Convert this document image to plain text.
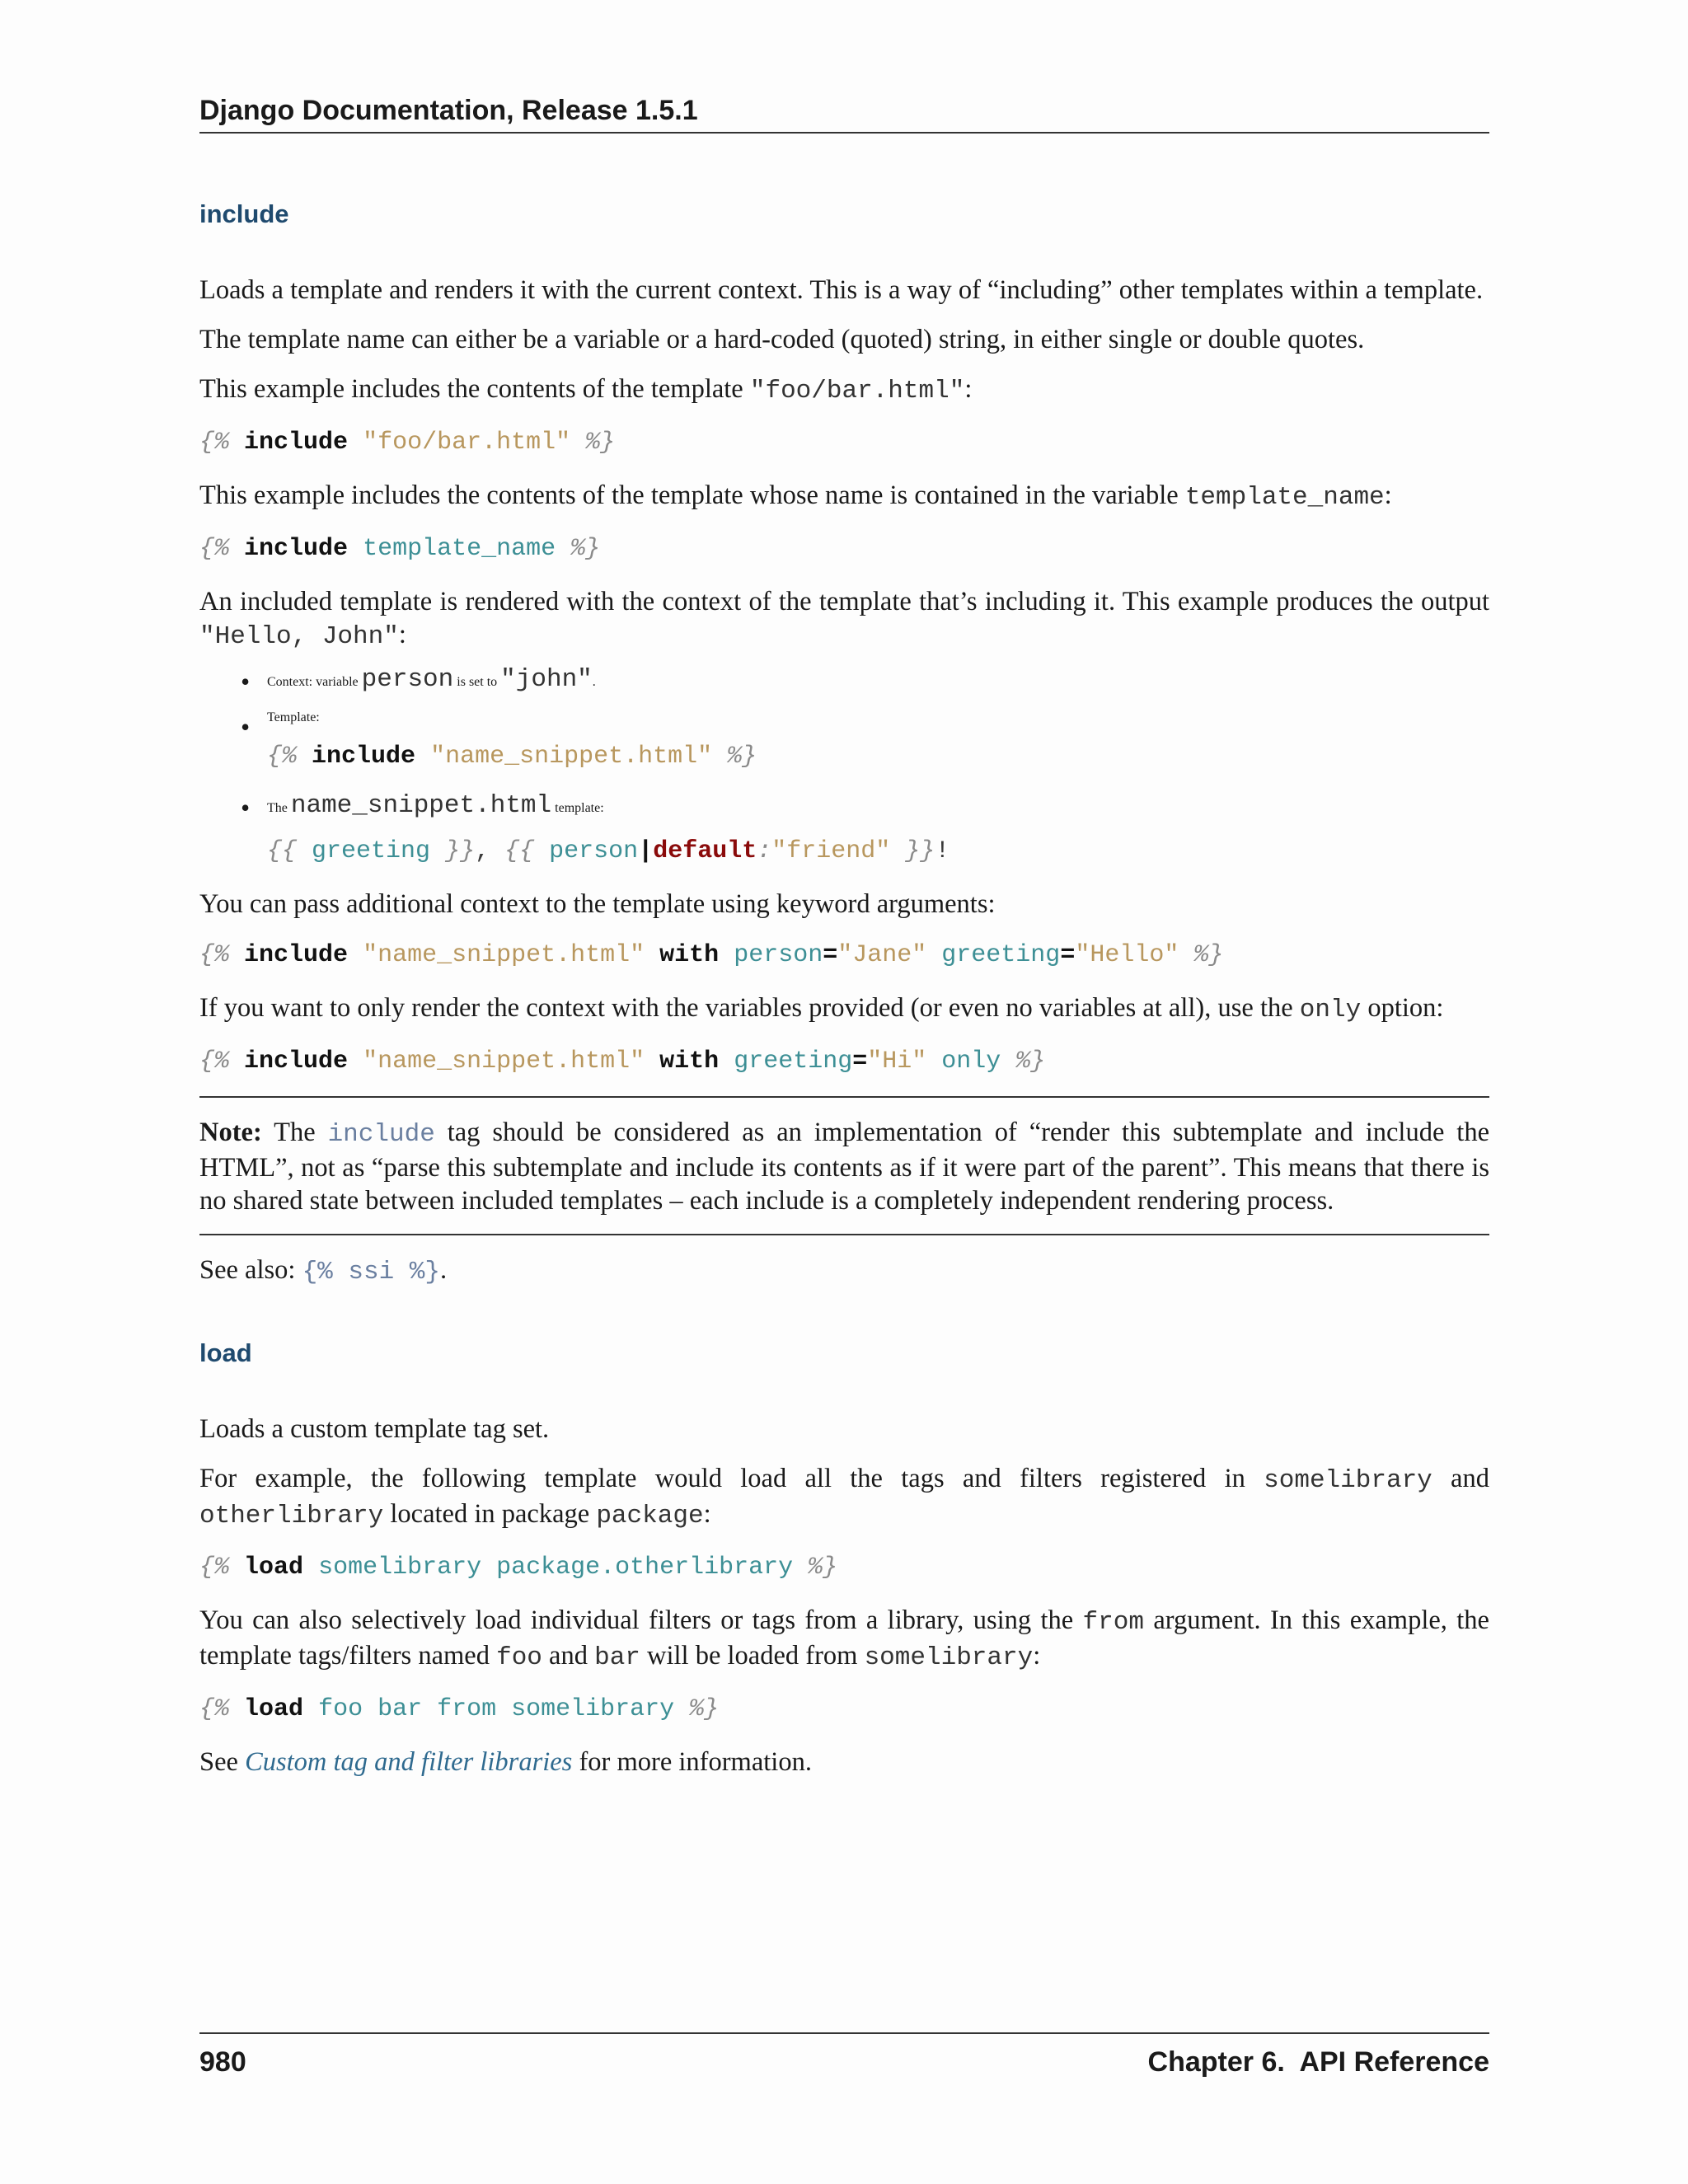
Django Documentation, Release 1.5.1
include

Loads a template and renders it with the current context. This is a way of “including” other templates within a template.

The template name can either be a variable or a hard-coded (quoted) string, in either single or double quotes.

This example includes the contents of the template "foo/bar.html":

{% include "foo/bar.html" %}

This example includes the contents of the template whose name is contained in the variable template_name:

{% include template_name %}

An included template is rendered with the context of the template that’s including it. This example produces the output "Hello, John":

• Context: variable person is set to "john".
• Template:
{% include "name_snippet.html" %}
• The name_snippet.html template:
{{ greeting }}, {{ person|default:"friend" }}!

You can pass additional context to the template using keyword arguments:

{% include "name_snippet.html" with person="Jane" greeting="Hello" %}

If you want to only render the context with the variables provided (or even no variables at all), use the only option:

{% include "name_snippet.html" with greeting="Hi" only %}

Note: The include tag should be considered as an implementation of “render this subtemplate and include the HTML”, not as “parse this subtemplate and include its contents as if it were part of the parent”. This means that there is no shared state between included templates – each include is a completely independent rendering process.

See also: {% ssi %}.

load

Loads a custom template tag set.

For example, the following template would load all the tags and filters registered in somelibrary and otherlibrary located in package package:

{% load somelibrary package.otherlibrary %}

You can also selectively load individual filters or tags from a library, using the from argument. In this example, the template tags/filters named foo and bar will be loaded from somelibrary:

{% load foo bar from somelibrary %}

See Custom tag and filter libraries for more information.

980	Chapter 6.  API Reference
